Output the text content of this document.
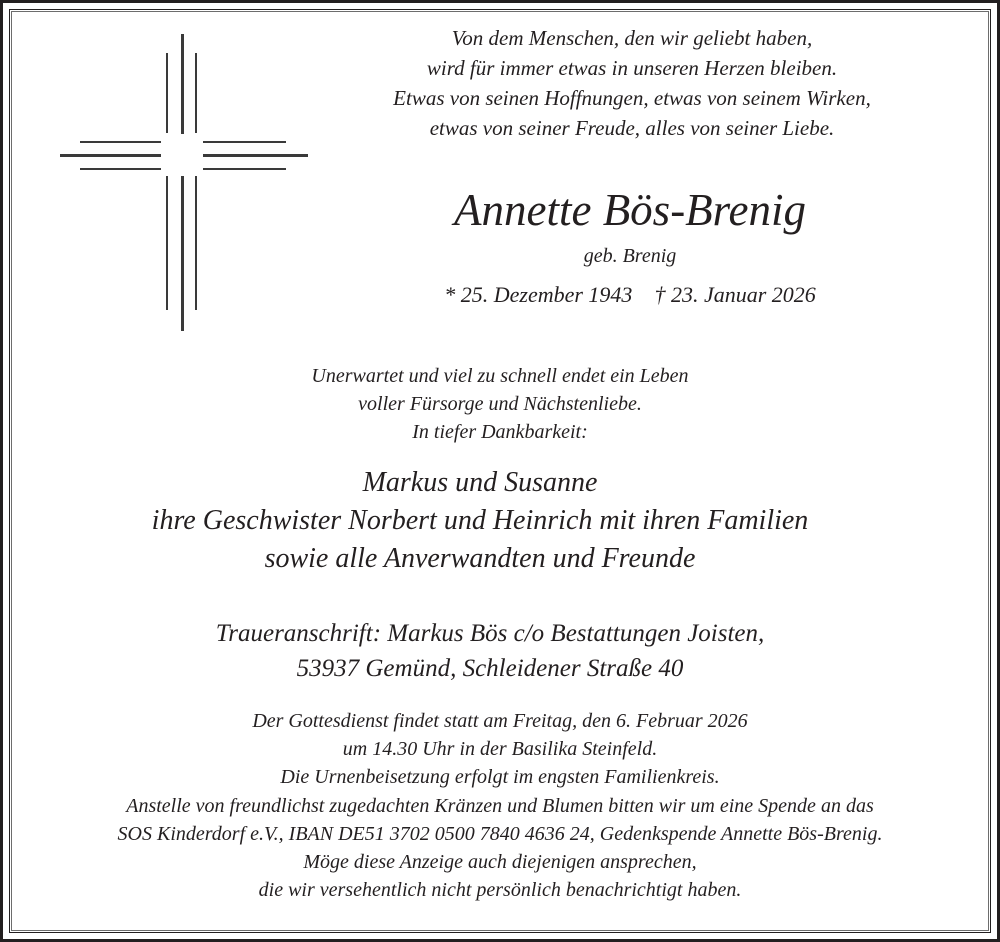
Von dem Menschen, den wir geliebt haben,
wird für immer etwas in unseren Herzen bleiben.
Etwas von seinen Hoffnungen, etwas von seinem Wirken,
etwas von seiner Freude, alles von seiner Liebe.
Annette Bös-Brenig
geb. Brenig
* 25. Dezember 1943 † 23. Januar 2026
Unerwartet und viel zu schnell endet ein Leben
voller Fürsorge und Nächstenliebe.
In tiefer Dankbarkeit:
Markus und Susanne
ihre Geschwister Norbert und Heinrich mit ihren Familien
sowie alle Anverwandten und Freunde
Traueranschrift: Markus Bös c/o Bestattungen Joisten,
53937 Gemünd, Schleidener Straße 40
Der Gottesdienst findet statt am Freitag, den 6. Februar 2026
um 14.30 Uhr in der Basilika Steinfeld.
Die Urnenbeisetzung erfolgt im engsten Familienkreis.
Anstelle von freundlichst zugedachten Kränzen und Blumen bitten wir um eine Spende an das
SOS Kinderdorf e.V., IBAN DE51 3702 0500 7840 4636 24, Gedenkspende Annette Bös-Brenig.
Möge diese Anzeige auch diejenigen ansprechen,
die wir versehentlich nicht persönlich benachrichtigt haben.
